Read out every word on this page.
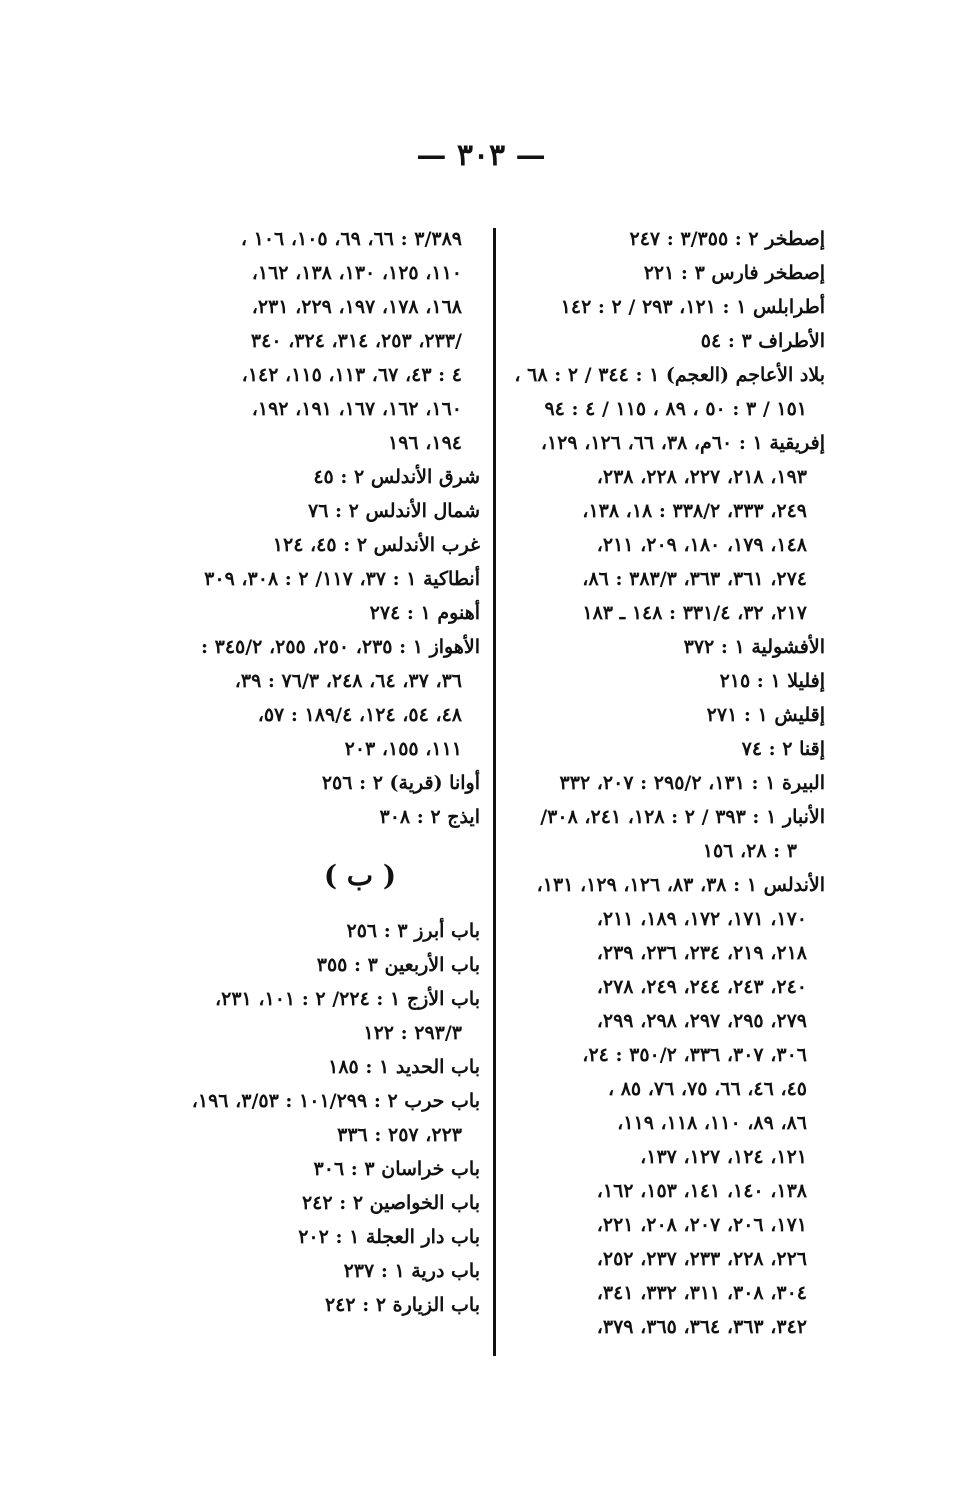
— ٣٠٣ —
إصطخر ٢ : ٣/٣٥٥ : ٢٤٧
إصطخر فارس ٣ : ٢٢١
أطرابلس ١ : ١٢١، ٢٩٣ / ٢ : ١٤٢
الأطراف ٣ : ٥٤
بلاد الأعاجم (العجم) ١ : ٣٤٤ / ٢ : ٦٨ ،
١٥١ / ٣ : ٥٠ ، ٨٩ ، ١١٥ / ٤ : ٩٤
إفريقية ١ : ٦٠م، ٣٨، ٦٦، ١٢٦، ١٢٩،
١٩٣، ٢١٨، ٢٢٧، ٢٢٨، ٢٣٨،
٢٤٩، ٣٣٣، ٣٣٨/٢ : ١٨، ١٣٨،
١٤٨، ١٧٩، ١٨٠، ٢٠٩، ٢١١،
٢٧٤، ٣٦١، ٣٦٣، ٣٨٣/٣ : ٨٦،
٢١٧، ٣٢، ٣٣١/٤ : ١٤٨ ـ ١٨٣
الأفشولية ١ : ٣٧٢
إفليلا ١ : ٢١٥
إقليش ١ : ٢٧١
إقنا ٢ : ٧٤
البيرة ١ : ١٣١، ٢٩٥/٢ : ٢٠٧، ٣٣٢
الأنبار ١ : ٣٩٣ / ٢ : ١٢٨، ٢٤١، ٣٠٨/
٣ : ٢٨، ١٥٦
الأندلس ١ : ٣٨، ٨٣، ١٢٦، ١٢٩، ١٣١،
١٧٠، ١٧١، ١٧٢، ١٨٩، ٢١١،
٢١٨، ٢١٩، ٢٣٤، ٢٣٦، ٢٣٩،
٢٤٠، ٢٤٣، ٢٤٤، ٢٤٩، ٢٧٨،
٢٧٩، ٢٩٥، ٢٩٧، ٢٩٨، ٢٩٩،
٣٠٦، ٣٠٧، ٣٣٦، ٣٥٠/٢ : ٢٤،
٤٥، ٤٦، ٦٦، ٧٥، ٧٦، ٨٥ ،
٨٦، ٨٩، ١١٠، ١١٨، ١١٩،
١٢١، ١٢٤، ١٢٧، ١٣٧،
١٣٨، ١٤٠، ١٤١، ١٥٣، ١٦٢،
١٧١، ٢٠٦، ٢٠٧، ٢٠٨، ٢٢١،
٢٢٦، ٢٢٨، ٢٣٣، ٢٣٧، ٢٥٢،
٣٠٤، ٣٠٨، ٣١١، ٣٣٢، ٣٤١،
٣٤٢، ٣٦٣، ٣٦٤، ٣٦٥، ٣٧٩،
٣/٣٨٩ : ٦٦، ٦٩، ١٠٥، ١٠٦ ،
١١٠، ١٢٥، ١٣٠، ١٣٨، ١٦٢،
١٦٨، ١٧٨، ١٩٧، ٢٢٩، ٢٣١،
/٢٣٣، ٢٥٣، ٣١٤، ٣٢٤، ٣٤٠
٤ : ٤٣، ٦٧، ١١٣، ١١٥، ١٤٢،
١٦٠، ١٦٢، ١٦٧، ١٩١، ١٩٢،
١٩٤، ١٩٦
شرق الأندلس ٢ : ٤٥
شمال الأندلس ٢ : ٧٦
غرب الأندلس ٢ : ٤٥، ١٢٤
أنطاكية ١ : ٣٧، ١١٧/ ٢ : ٣٠٨، ٣٠٩
أهنوم ١ : ٢٧٤
الأهواز ١ : ٢٣٥، ٢٥٠، ٢٥٥، ٣٤٥/٢ :
٣٦، ٣٧، ٦٤، ٢٤٨، ٧٦/٣ : ٣٩،
٤٨، ٥٤، ١٢٤، ١٨٩/٤ : ٥٧،
١١١، ١٥٥، ٢٠٣
أوانا (قرية) ٢ : ٢٥٦
ايذج ٢ : ٣٠٨
( ب )
باب أبرز ٣ : ٢٥٦
باب الأربعين ٣ : ٣٥٥
باب الأزج ١ : ٢٢٤/ ٢ : ١٠١، ٢٣١،
٢٩٣/٣ : ١٢٢
باب الحديد ١ : ١٨٥
باب حرب ٢ : ١٠١/٢٩٩ : ٣/٥٣، ١٩٦،
٢٢٣، ٢٥٧ : ٣٣٦
باب خراسان ٣ : ٣٠٦
باب الخواصين ٢ : ٢٤٢
باب دار العجلة ١ : ٢٠٢
باب درية ١ : ٢٣٧
باب الزيارة ٢ : ٢٤٢
